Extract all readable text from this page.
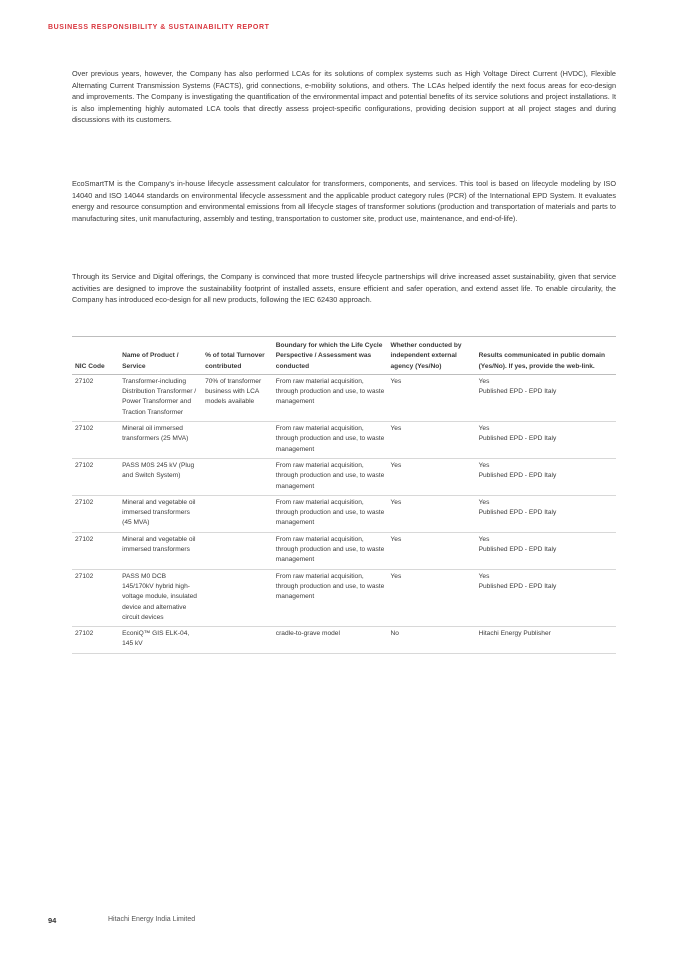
BUSINESS RESPONSIBILITY & SUSTAINABILITY REPORT

Over previous years, however, the Company has also performed LCAs for its solutions of complex systems such as High Voltage Direct Current (HVDC), Flexible Alternating Current Transmission Systems (FACTS), grid connections, e-mobility solutions, and others. The LCAs helped identify the next focus areas for eco-design and improvements. The Company is investigating the quantification of the environmental impact and potential benefits of its service solutions and project installations. It is also implementing highly automated LCA tools that directly assess project-specific configurations, providing decision support at all project stages and during discussions with its customers.

EcoSmartTM is the Company's in-house lifecycle assessment calculator for transformers, components, and services. This tool is based on lifecycle modeling by ISO 14040 and ISO 14044 standards on environmental lifecycle assessment and the applicable product category rules (PCR) of the International EPD System. It evaluates energy and resource consumption and environmental emissions from all lifecycle stages of transformer solutions (production and transportation of materials and parts to manufacturing sites, unit manufacturing, assembly and testing, transportation to customer site, product use, maintenance, and end-of-life).

Through its Service and Digital offerings, the Company is convinced that more trusted lifecycle partnerships will drive increased asset sustainability, given that service activities are designed to improve the sustainability footprint of installed assets, ensure efficient and safer operation, and extend asset life. To enable circularity, the Company has introduced eco-design for all new products, following the IEC 62430 approach.

NIC Code	Name of Product / Service	% of total Turnover contributed	Boundary for which the Life Cycle Perspective / Assessment was conducted	Whether conducted by independent external agency (Yes/No)	Results communicated in public domain (Yes/No). If yes, provide the web-link.
27102	Transformer-including Distribution Transformer / Power Transformer and Traction Transformer	70% of transformer business with LCA models available	From raw material acquisition, through production and use, to waste management	Yes	Yes
Published EPD - EPD Italy
27102	Mineral oil immersed transformers (25 MVA)		From raw material acquisition, through production and use, to waste management	Yes	Yes
Published EPD - EPD Italy
27102	PASS M0S 245 kV (Plug and Switch System)		From raw material acquisition, through production and use, to waste management	Yes	Yes
Published EPD - EPD Italy
27102	Mineral and vegetable oil immersed transformers (45 MVA)		From raw material acquisition, through production and use, to waste management	Yes	Yes
Published EPD - EPD Italy
27102	Mineral and vegetable oil immersed transformers		From raw material acquisition, through production and use, to waste management	Yes	Yes
Published EPD - EPD Italy
27102	PASS M0 DCB 145/170kV hybrid high-voltage module, insulated device and alternative circuit devices		From raw material acquisition, through production and use, to waste management	Yes	Yes
Published EPD - EPD Italy
27102	EconiQ™ GIS ELK-04, 145 kV		cradle-to-grave model	No	Hitachi Energy Publisher
94	Hitachi Energy India Limited
